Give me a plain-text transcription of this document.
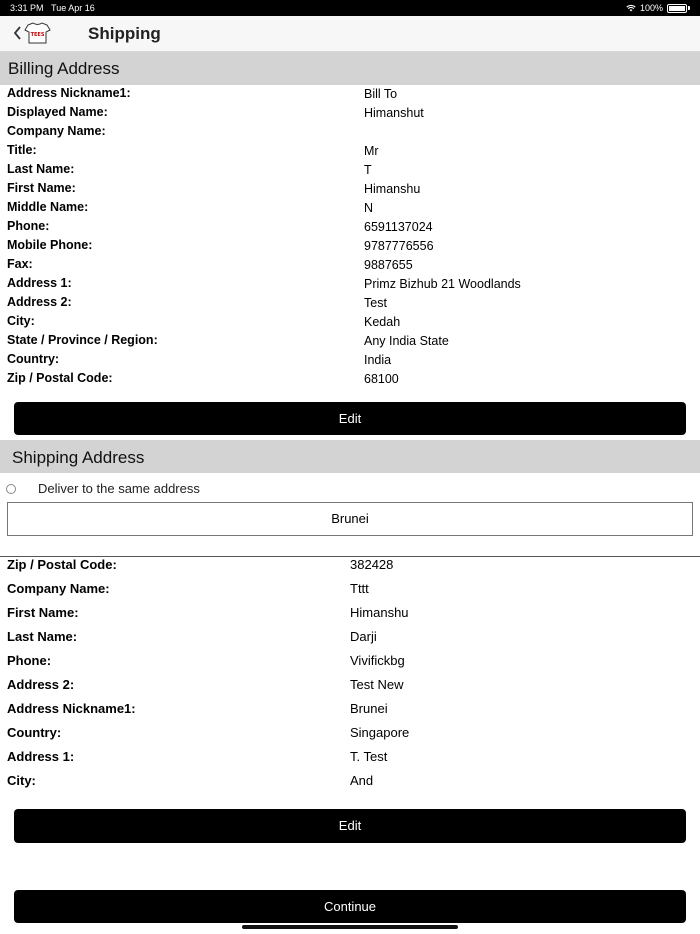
3:31 PM Tue Apr 16	100%
TEES	Shipping
Billing Address
Address Nickname1:	Bill To
Displayed Name:	Himanshut
Company Name:
Title:	Mr
Last Name:	T
First Name:	Himanshu
Middle Name:	N
Phone:	6591137024
Mobile Phone:	9787776556
Fax:	9887655
Address 1:	Primz Bizhub 21 Woodlands
Address 2:	Test
City:	Kedah
State / Province / Region:	Any India State
Country:	India
Zip / Postal Code:	68100
Edit
Shipping Address
Deliver to the same address
Brunei
Zip / Postal Code:	382428
Company Name:	Tttt
First Name:	Himanshu
Last Name:	Darji
Phone:	Vivifickbg
Address 2:	Test New
Address Nickname1:	Brunei
Country:	Singapore
Address 1:	T. Test
City:	And
Edit
Continue
